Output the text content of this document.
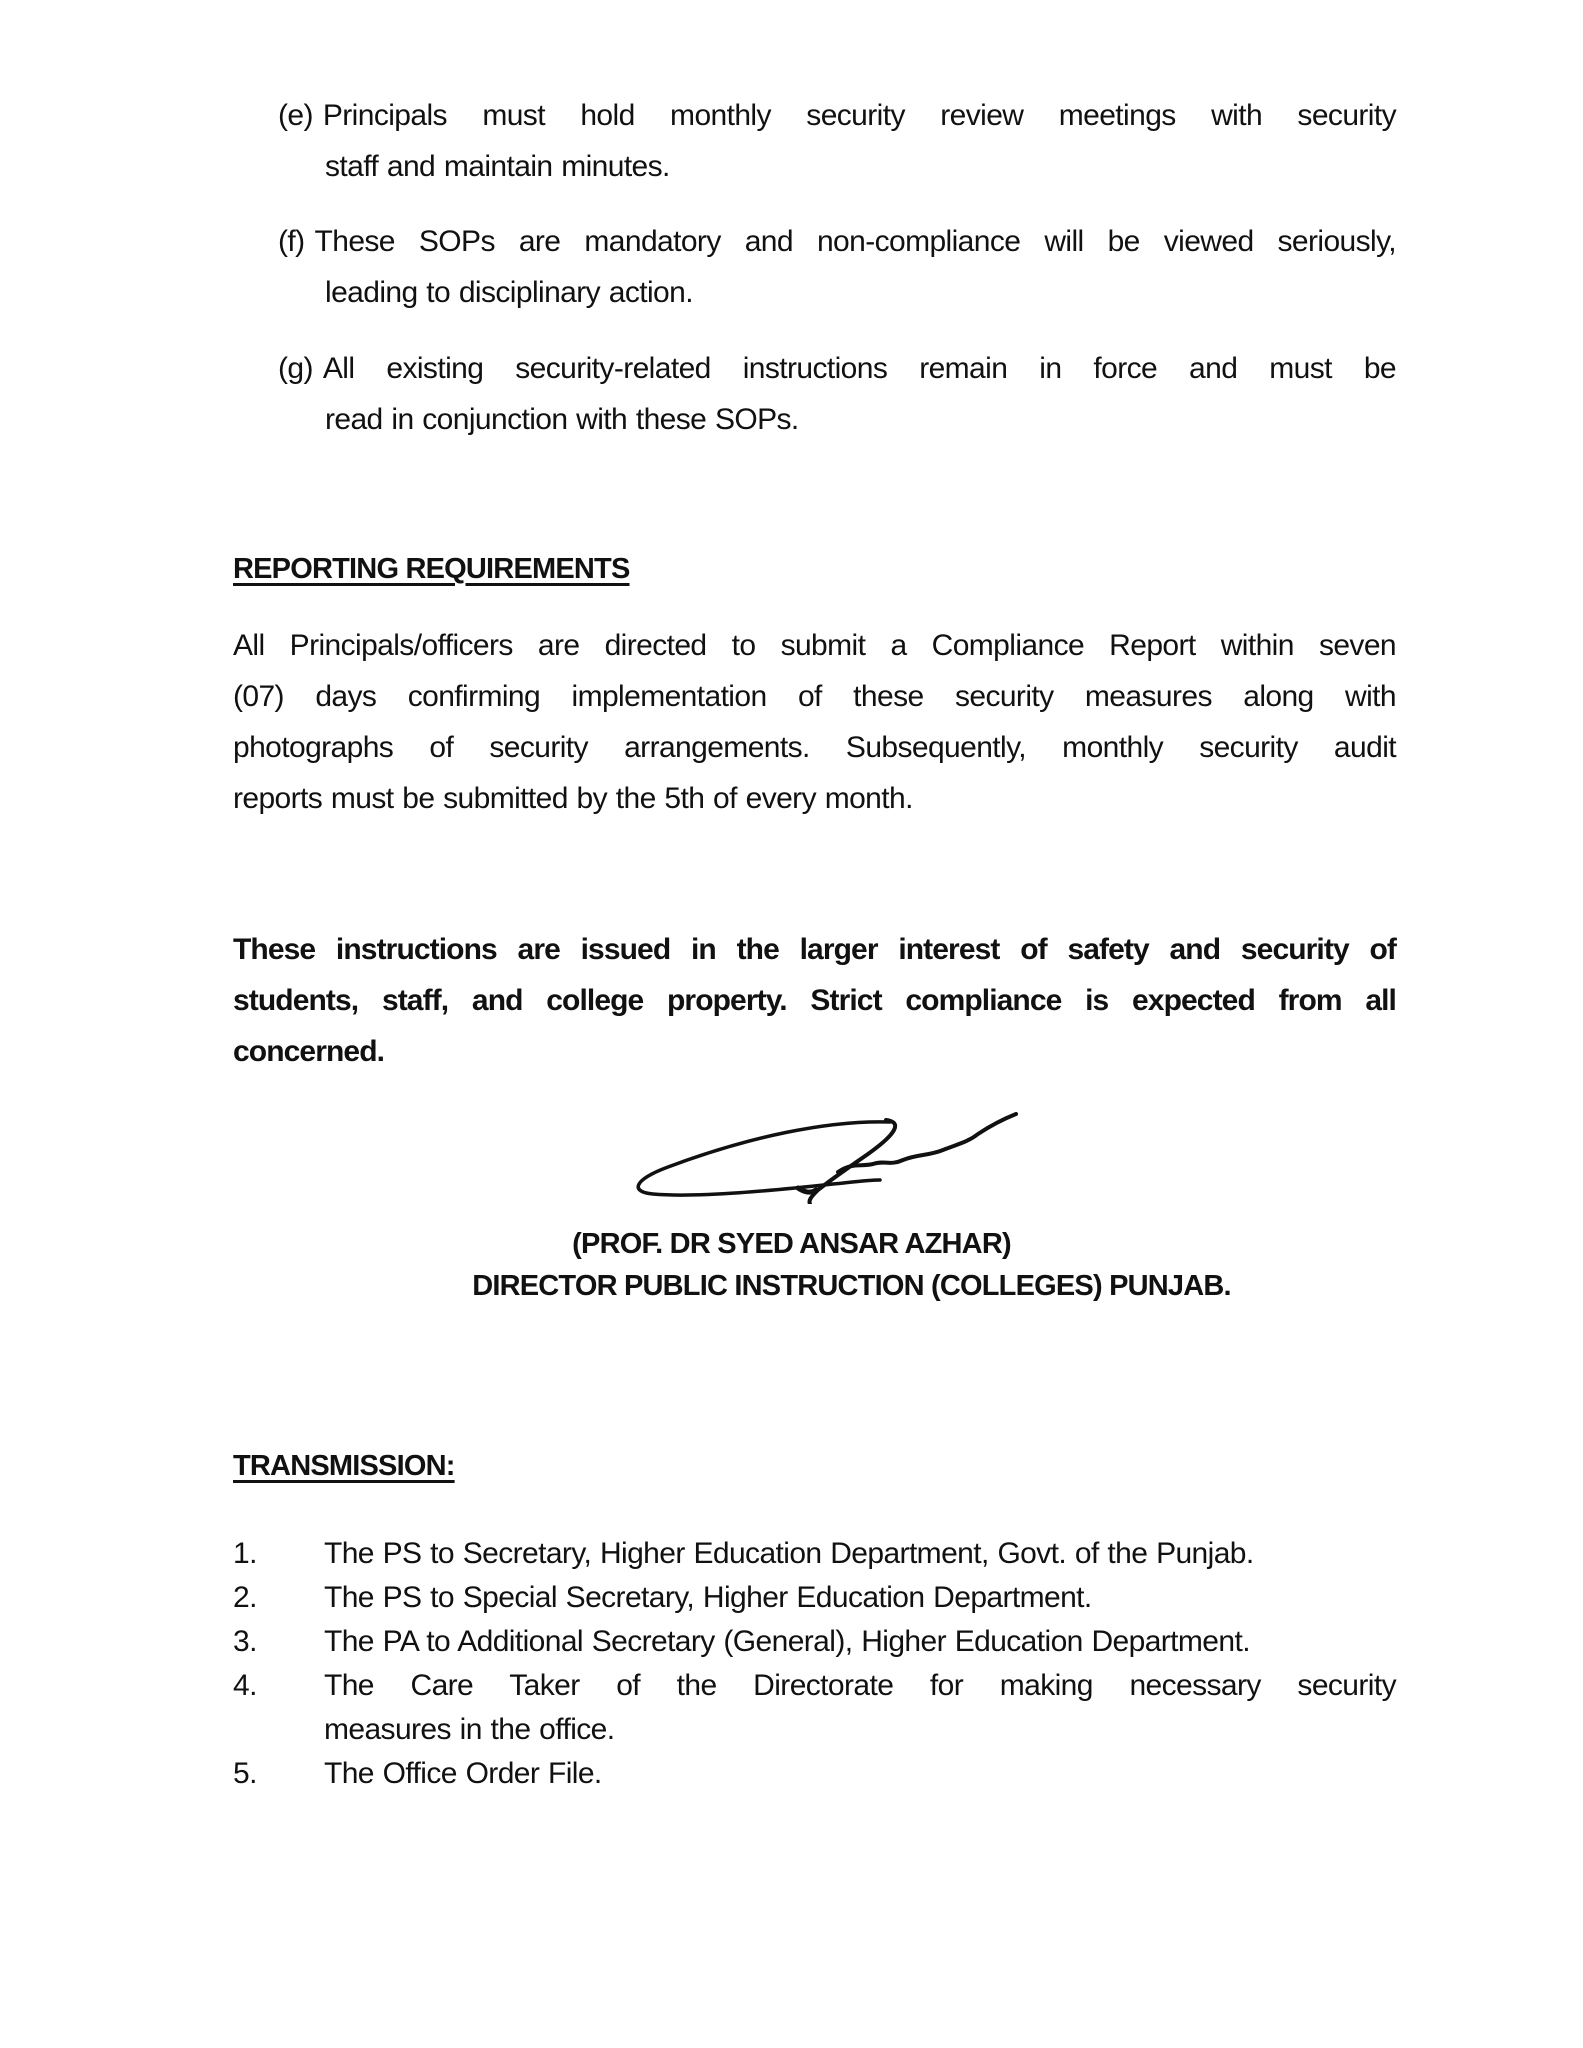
(e) Principals must hold monthly security review meetings with security
staff and maintain minutes.
(f) These SOPs are mandatory and non-compliance will be viewed seriously,
leading to disciplinary action.
(g) All existing security-related instructions remain in force and must be
read in conjunction with these SOPs.
REPORTING REQUIREMENTS
All Principals/officers are directed to submit a Compliance Report within seven
(07) days confirming implementation of these security measures along with
photographs of security arrangements. Subsequently, monthly security audit
reports must be submitted by the 5th of every month.
These instructions are issued in the larger interest of safety and security of
students, staff, and college property. Strict compliance is expected from all
concerned.
(PROF. DR SYED ANSAR AZHAR)
DIRECTOR PUBLIC INSTRUCTION (COLLEGES) PUNJAB.
TRANSMISSION:
1. The PS to Secretary, Higher Education Department, Govt. of the Punjab.
2. The PS to Special Secretary, Higher Education Department.
3. The PA to Additional Secretary (General), Higher Education Department.
4. The Care Taker of the Directorate for making necessary security
measures in the office.
5. The Office Order File.
